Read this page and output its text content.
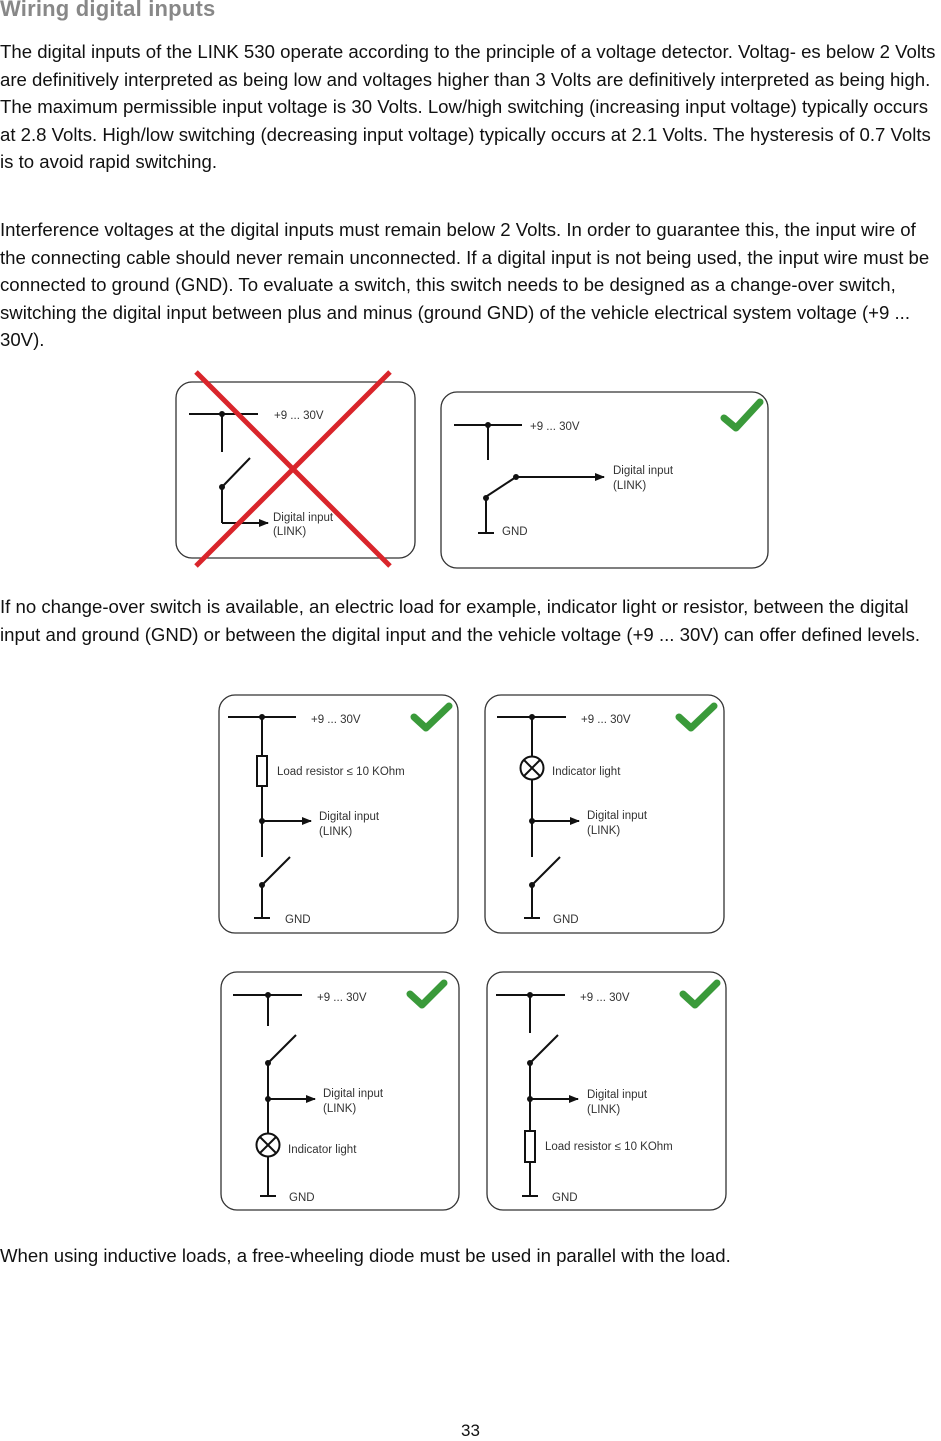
Wiring digital inputs

The digital inputs of the LINK 530 operate according to the principle of a voltage detector. Voltag- es below 2 Volts are definitively interpreted as being low and voltages higher than 3 Volts are definitively interpreted as being high. The maximum permissible input voltage is 30 Volts. Low/high switching (increasing input voltage) typically occurs at 2.8 Volts. High/low switching (decreasing input voltage) typically occurs at 2.1 Volts. The hysteresis of 0.7 Volts is to avoid rapid switching.

Interference voltages at the digital inputs must remain below 2 Volts. In order to guarantee this, the input wire of the connecting cable should never remain unconnected. If a digital input is not being used, the input wire must be connected to ground (GND). To evaluate a switch, this switch needs to be designed as a change-over switch, switching the digital input between plus and minus (ground GND) of the vehicle electrical system voltage (+9 ... 30V).

If no change-over switch is available, an electric load for example, indicator light or resistor, between the digital input and ground (GND) or between the digital input and the vehicle voltage (+9 ... 30V) can offer defined levels.

When using inductive loads, a free-wheeling diode must be used in parallel with the load.

33

+9 ... 30V
Digital input
(LINK)
+9 ... 30V
Digital input
(LINK)
GND
+9 ... 30V
Load resistor ≤ 10 KOhm
Digital input
(LINK)
GND
+9 ... 30V
Indicator light
Digital input
(LINK)
GND
+9 ... 30V
Digital input
(LINK)
Indicator light
GND
+9 ... 30V
Digital input
(LINK)
Load resistor ≤ 10 KOhm
GND
